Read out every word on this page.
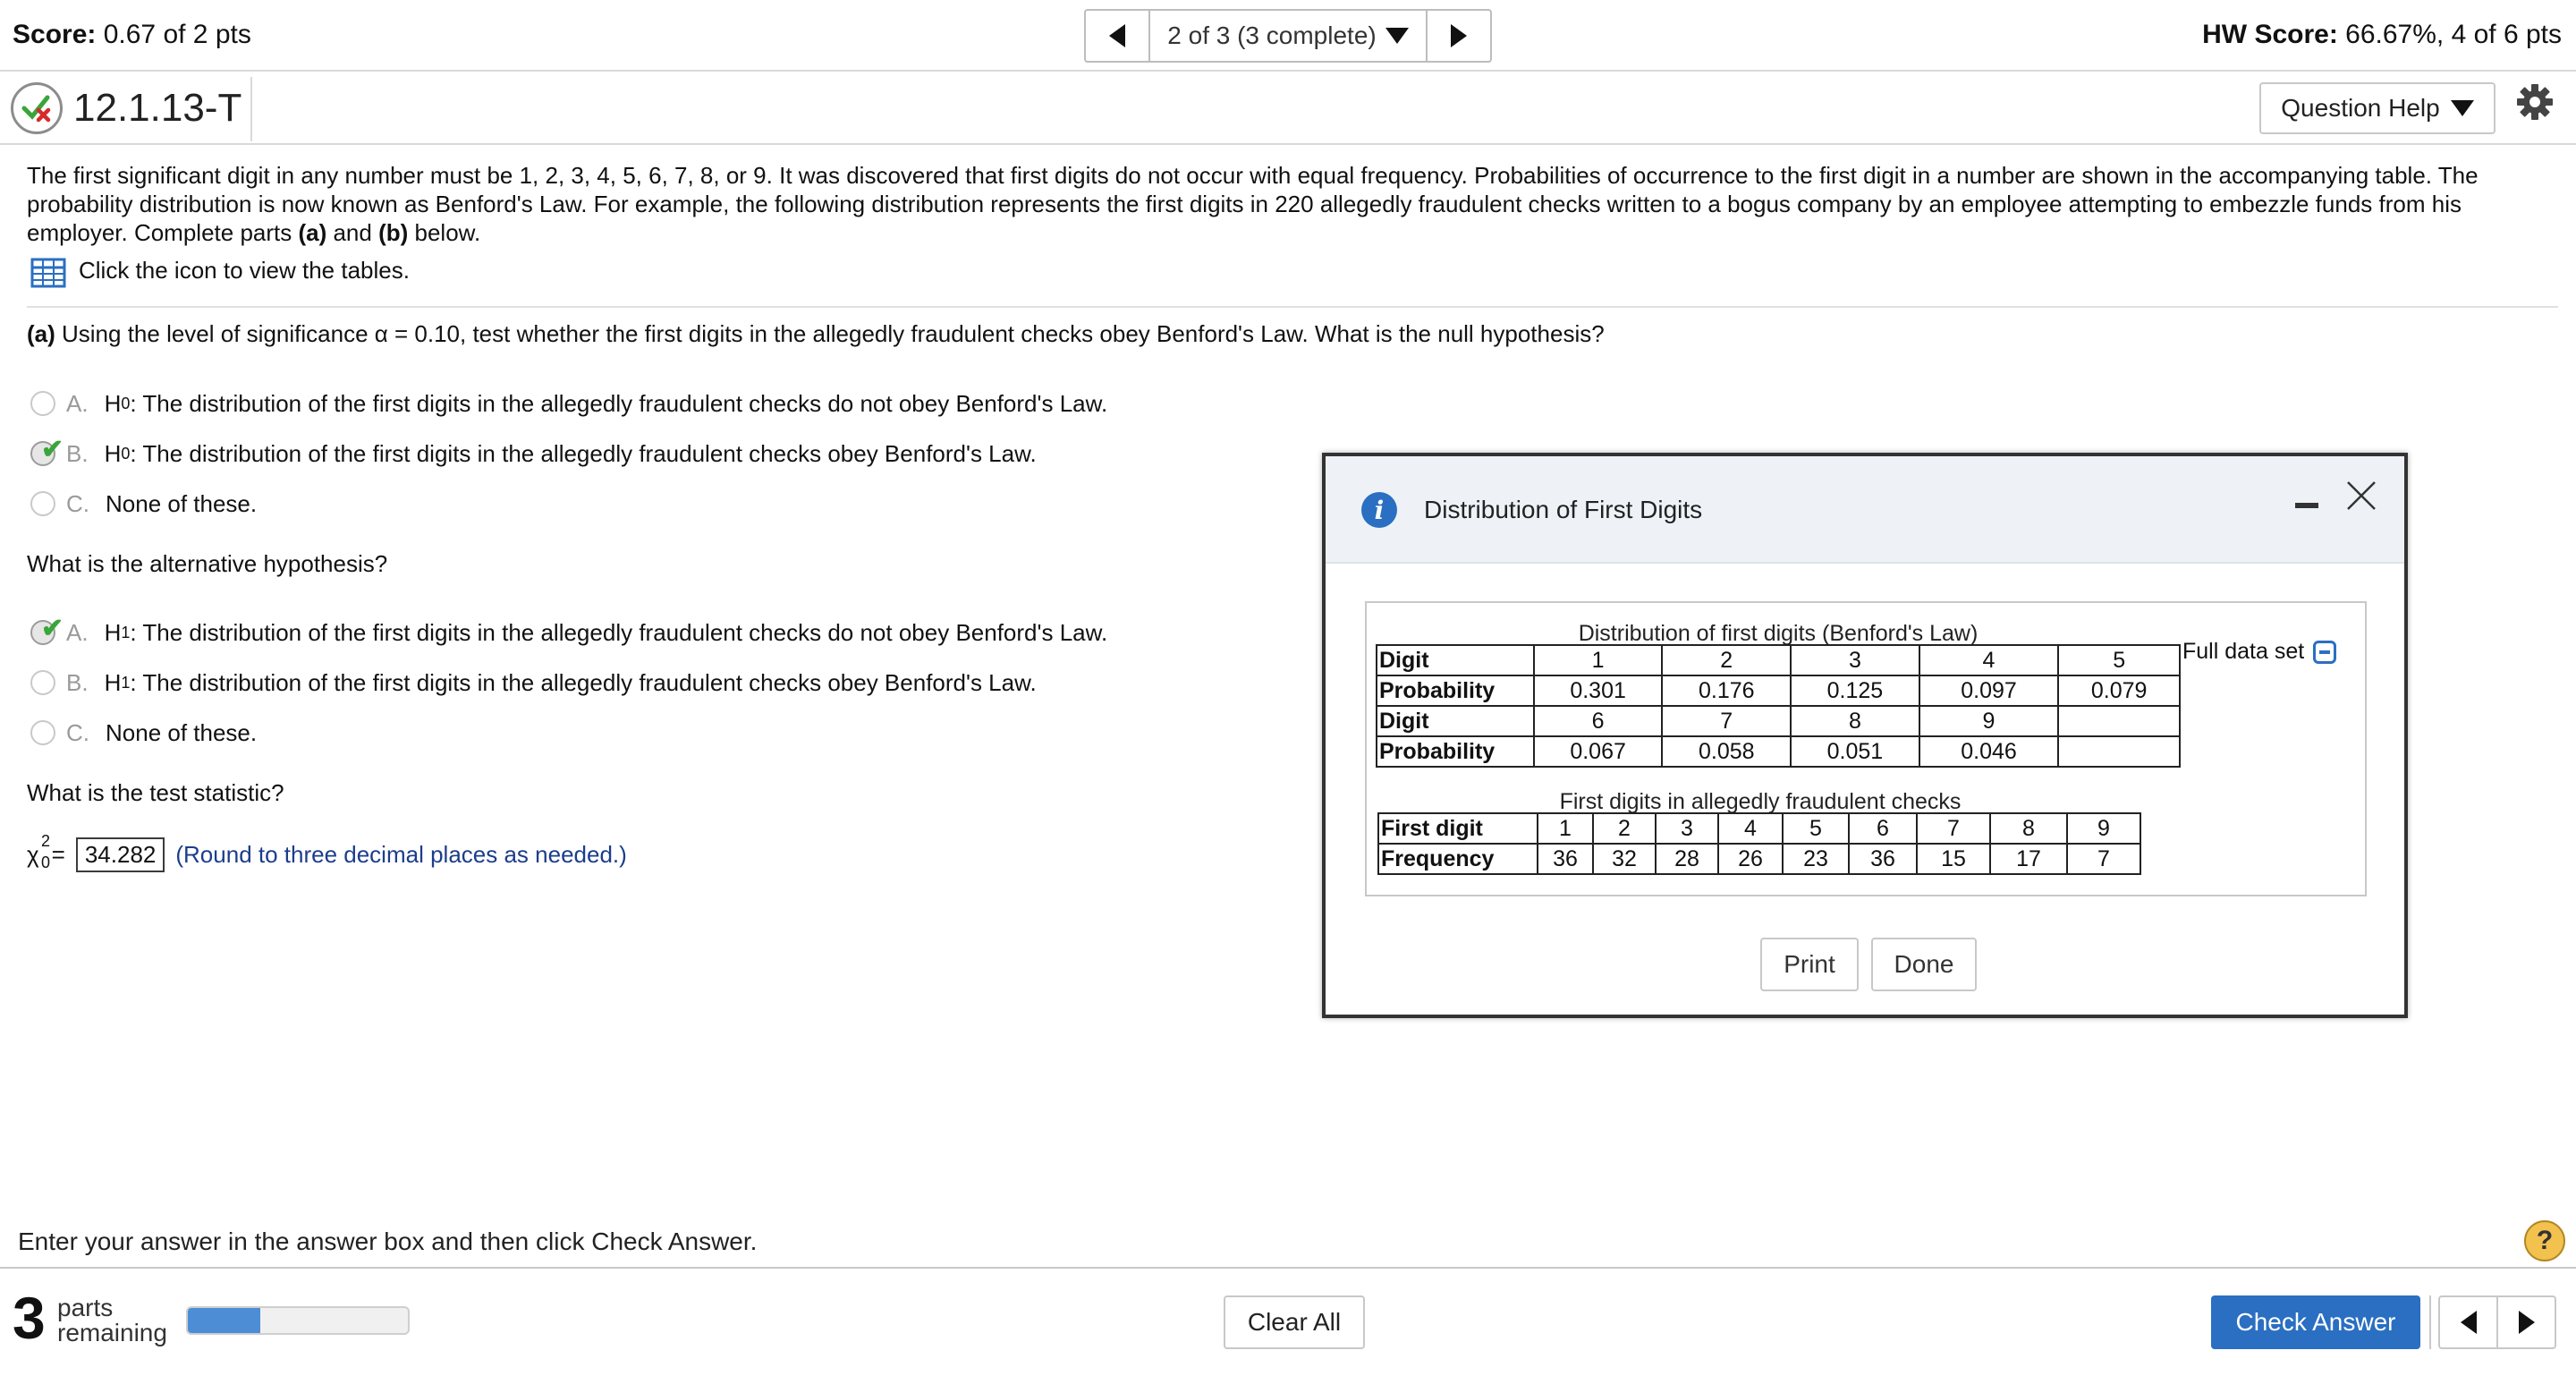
Score: 0.67 of 2 pts	2 of 3 (3 complete)	HW Score: 66.67%, 4 of 6 pts
12.1.13-T	Question Help
The first significant digit in any number must be 1, 2, 3, 4, 5, 6, 7, 8, or 9. It was discovered that first digits do not occur with equal frequency. Probabilities of occurrence to the first digit in a number are shown in the accompanying table. The probability distribution is now known as Benford's Law. For example, the following distribution represents the first digits in 220 allegedly fraudulent checks written to a bogus company by an employee attempting to embezzle funds from his employer. Complete parts (a) and (b) below.
Click the icon to view the tables.
(a) Using the level of significance α = 0.10, test whether the first digits in the allegedly fraudulent checks obey Benford's Law. What is the null hypothesis?
A. H 0 : The distribution of the first digits in the allegedly fraudulent checks do not obey Benford's Law.
✔ B. H 0 : The distribution of the first digits in the allegedly fraudulent checks obey Benford's Law.
C. None of these.
What is the alternative hypothesis?
✔ A. H 1 : The distribution of the first digits in the allegedly fraudulent checks do not obey Benford's Law.
B. H 1 : The distribution of the first digits in the allegedly fraudulent checks obey Benford's Law.
C. None of these.
What is the test statistic?
χ 2
0 = 34.282 (Round to three decimal places as needed.)
i	Distribution of First Digits
Distribution of first digits (Benford's Law)
Digit	1	2	3	4	5
Probability	0.301	0.176	0.125	0.097	0.079
Digit	6	7	8	9	
Probability	0.067	0.058	0.051	0.046	
Full data set
First digits in allegedly fraudulent checks
First digit	1	2	3	4	5	6	7	8	9
Frequency	36	32	28	26	23	36	15	17	7
Print	Done
Enter your answer in the answer box and then click Check Answer.	?
3 parts
remaining	Clear All	Check Answer
